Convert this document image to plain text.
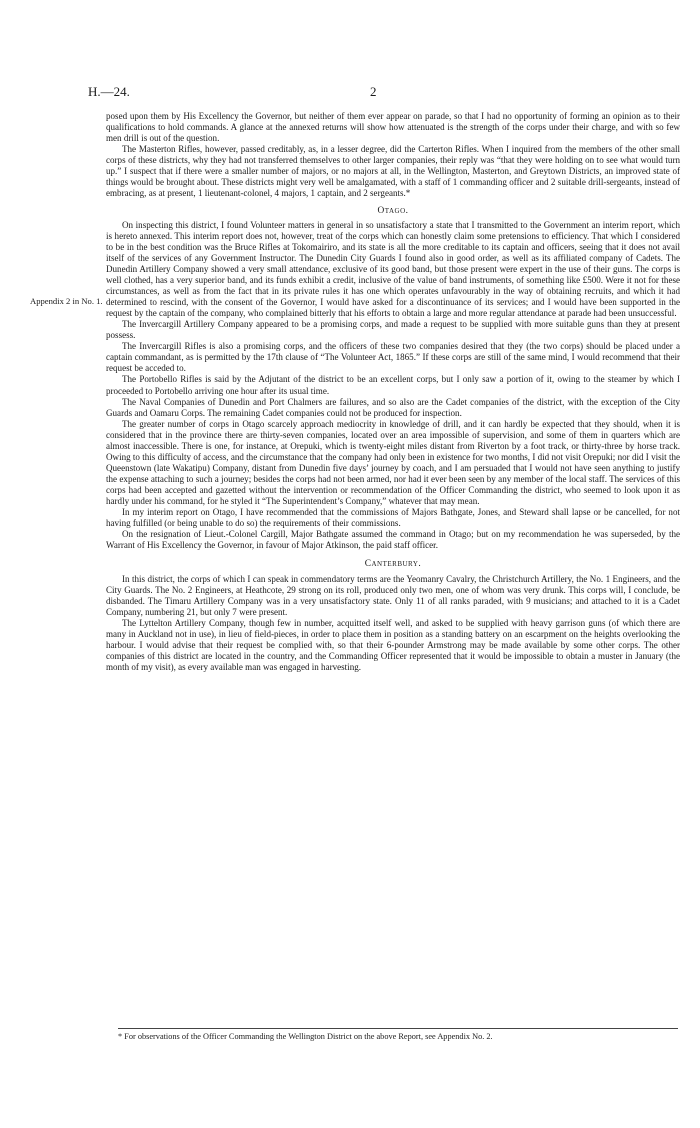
H.—24.	2
Appendix 2 in No. 1.

posed upon them by His Excellency the Governor, but neither of them ever appear on parade, so that I had no opportunity of forming an opinion as to their qualifications to hold commands. A glance at the annexed returns will show how attenuated is the strength of the corps under their charge, and with so few men drill is out of the question.

The Masterton Rifles, however, passed creditably, as, in a lesser degree, did the Carterton Rifles. When I inquired from the members of the other small corps of these districts, why they had not transferred themselves to other larger companies, their reply was “that they were holding on to see what would turn up.” I suspect that if there were a smaller number of majors, or no majors at all, in the Wellington, Masterton, and Greytown Districts, an improved state of things would be brought about. These districts might very well be amalgamated, with a staff of 1 commanding officer and 2 suitable drill-sergeants, instead of embracing, as at present, 1 lieutenant-colonel, 4 majors, 1 captain, and 2 sergeants.*

Otago.

On inspecting this district, I found Volunteer matters in general in so unsatisfactory a state that I transmitted to the Government an interim report, which is hereto annexed. This interim report does not, however, treat of the corps which can honestly claim some pretensions to efficiency. That which I considered to be in the best condition was the Bruce Rifles at Tokomairiro, and its state is all the more creditable to its captain and officers, seeing that it does not avail itself of the services of any Government Instructor. The Dunedin City Guards I found also in good order, as well as its affiliated company of Cadets. The Dunedin Artillery Company showed a very small attendance, exclusive of its good band, but those present were expert in the use of their guns. The corps is well clothed, has a very superior band, and its funds exhibit a credit, inclusive of the value of band instruments, of something like £500. Were it not for these circumstances, as well as from the fact that in its private rules it has one which operates unfavourably in the way of obtaining recruits, and which it had determined to rescind, with the consent of the Governor, I would have asked for a discontinuance of its services; and I would have been supported in the request by the captain of the company, who complained bitterly that his efforts to obtain a large and more regular attendance at parade had been unsuccessful.

The Invercargill Artillery Company appeared to be a promising corps, and made a request to be supplied with more suitable guns than they at present possess.

The Invercargill Rifles is also a promising corps, and the officers of these two companies desired that they (the two corps) should be placed under a captain commandant, as is permitted by the 17th clause of “The Volunteer Act, 1865.” If these corps are still of the same mind, I would recommend that their request be acceded to.

The Portobello Rifles is said by the Adjutant of the district to be an excellent corps, but I only saw a portion of it, owing to the steamer by which I proceeded to Portobello arriving one hour after its usual time.

The Naval Companies of Dunedin and Port Chalmers are failures, and so also are the Cadet companies of the district, with the exception of the City Guards and Oamaru Corps. The remaining Cadet companies could not be produced for inspection.

The greater number of corps in Otago scarcely approach mediocrity in knowledge of drill, and it can hardly be expected that they should, when it is considered that in the province there are thirty-seven companies, located over an area impossible of supervision, and some of them in quarters which are almost inaccessible. There is one, for instance, at Orepuki, which is twenty-eight miles distant from Riverton by a foot track, or thirty-three by horse track. Owing to this difficulty of access, and the circumstance that the company had only been in existence for two months, I did not visit Orepuki; nor did I visit the Queenstown (late Wakatipu) Company, distant from Dunedin five days’ journey by coach, and I am persuaded that I would not have seen anything to justify the expense attaching to such a journey; besides the corps had not been armed, nor had it ever been seen by any member of the local staff. The services of this corps had been accepted and gazetted without the intervention or recommendation of the Officer Commanding the district, who seemed to look upon it as hardly under his command, for he styled it “The Superintendent’s Company,” whatever that may mean.

In my interim report on Otago, I have recommended that the commissions of Majors Bathgate, Jones, and Steward shall lapse or be cancelled, for not having fulfilled (or being unable to do so) the requirements of their commissions.

On the resignation of Lieut.-Colonel Cargill, Major Bathgate assumed the command in Otago; but on my recommendation he was superseded, by the Warrant of His Excellency the Governor, in favour of Major Atkinson, the paid staff officer.

Canterbury.

In this district, the corps of which I can speak in commendatory terms are the Yeomanry Cavalry, the Christchurch Artillery, the No. 1 Engineers, and the City Guards. The No. 2 Engineers, at Heathcote, 29 strong on its roll, produced only two men, one of whom was very drunk. This corps will, I conclude, be disbanded. The Timaru Artillery Company was in a very unsatisfactory state. Only 11 of all ranks paraded, with 9 musicians; and attached to it is a Cadet Company, numbering 21, but only 7 were present.

The Lyttelton Artillery Company, though few in number, acquitted itself well, and asked to be supplied with heavy garrison guns (of which there are many in Auckland not in use), in lieu of field-pieces, in order to place them in position as a standing battery on an escarpment on the heights overlooking the harbour. I would advise that their request be complied with, so that their 6-pounder Armstrong may be made available by some other corps. The other companies of this district are located in the country, and the Commanding Officer represented that it would be impossible to obtain a muster in January (the month of my visit), as every available man was engaged in harvesting.

* For observations of the Officer Commanding the Wellington District on the above Report, see Appendix No. 2.
